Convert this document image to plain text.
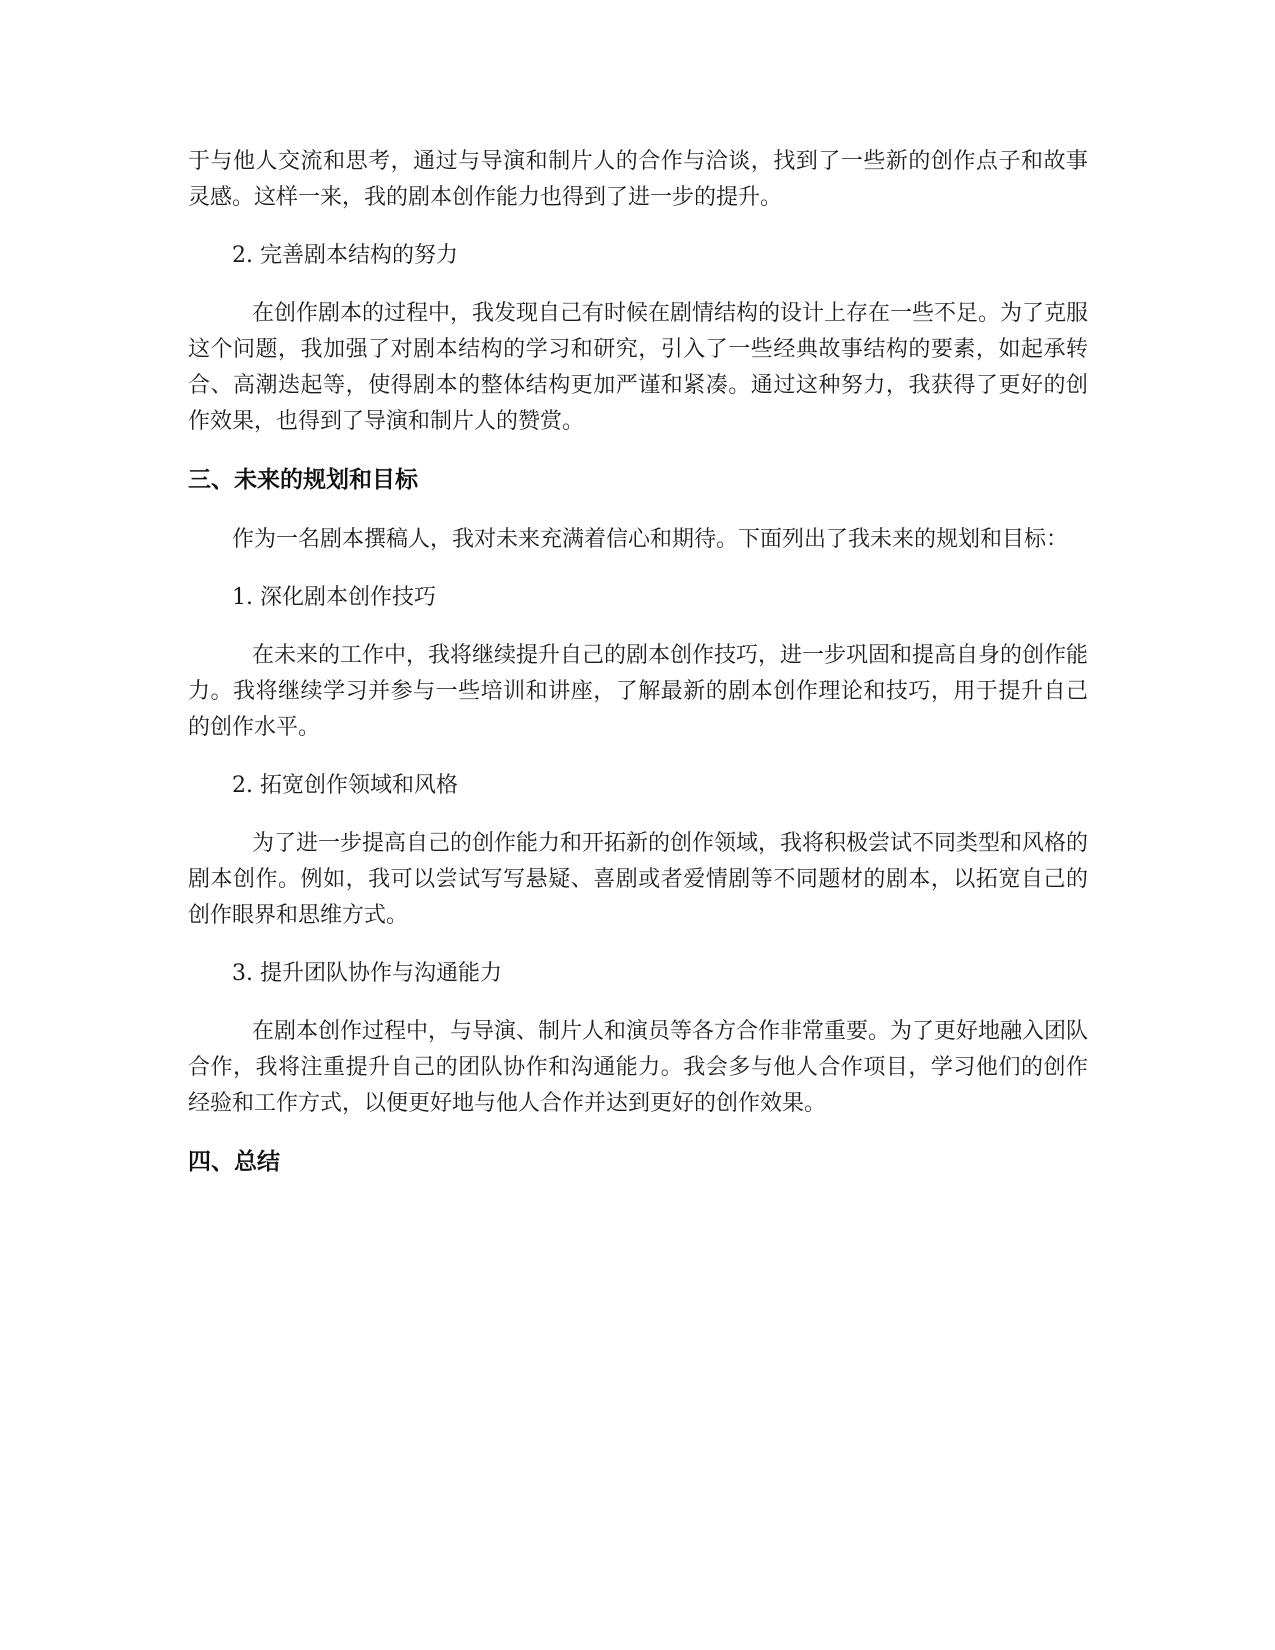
于与他人交流和思考，通过与导演和制片人的合作与洽谈，找到了一些新的创作点子和故事灵感。这样一来，我的剧本创作能力也得到了进一步的提升。

2. 完善剧本结构的努力

在创作剧本的过程中，我发现自己有时候在剧情结构的设计上存在一些不足。为了克服这个问题，我加强了对剧本结构的学习和研究，引入了一些经典故事结构的要素，如起承转合、高潮迭起等，使得剧本的整体结构更加严谨和紧凑。通过这种努力，我获得了更好的创作效果，也得到了导演和制片人的赞赏。

三、未来的规划和目标

作为一名剧本撰稿人，我对未来充满着信心和期待。下面列出了我未来的规划和目标：

1. 深化剧本创作技巧

在未来的工作中，我将继续提升自己的剧本创作技巧，进一步巩固和提高自身的创作能力。我将继续学习并参与一些培训和讲座，了解最新的剧本创作理论和技巧，用于提升自己的创作水平。

2. 拓宽创作领域和风格

为了进一步提高自己的创作能力和开拓新的创作领域，我将积极尝试不同类型和风格的剧本创作。例如，我可以尝试写写悬疑、喜剧或者爱情剧等不同题材的剧本，以拓宽自己的创作眼界和思维方式。

3. 提升团队协作与沟通能力

在剧本创作过程中，与导演、制片人和演员等各方合作非常重要。为了更好地融入团队合作，我将注重提升自己的团队协作和沟通能力。我会多与他人合作项目，学习他们的创作经验和工作方式，以便更好地与他人合作并达到更好的创作效果。

四、总结
